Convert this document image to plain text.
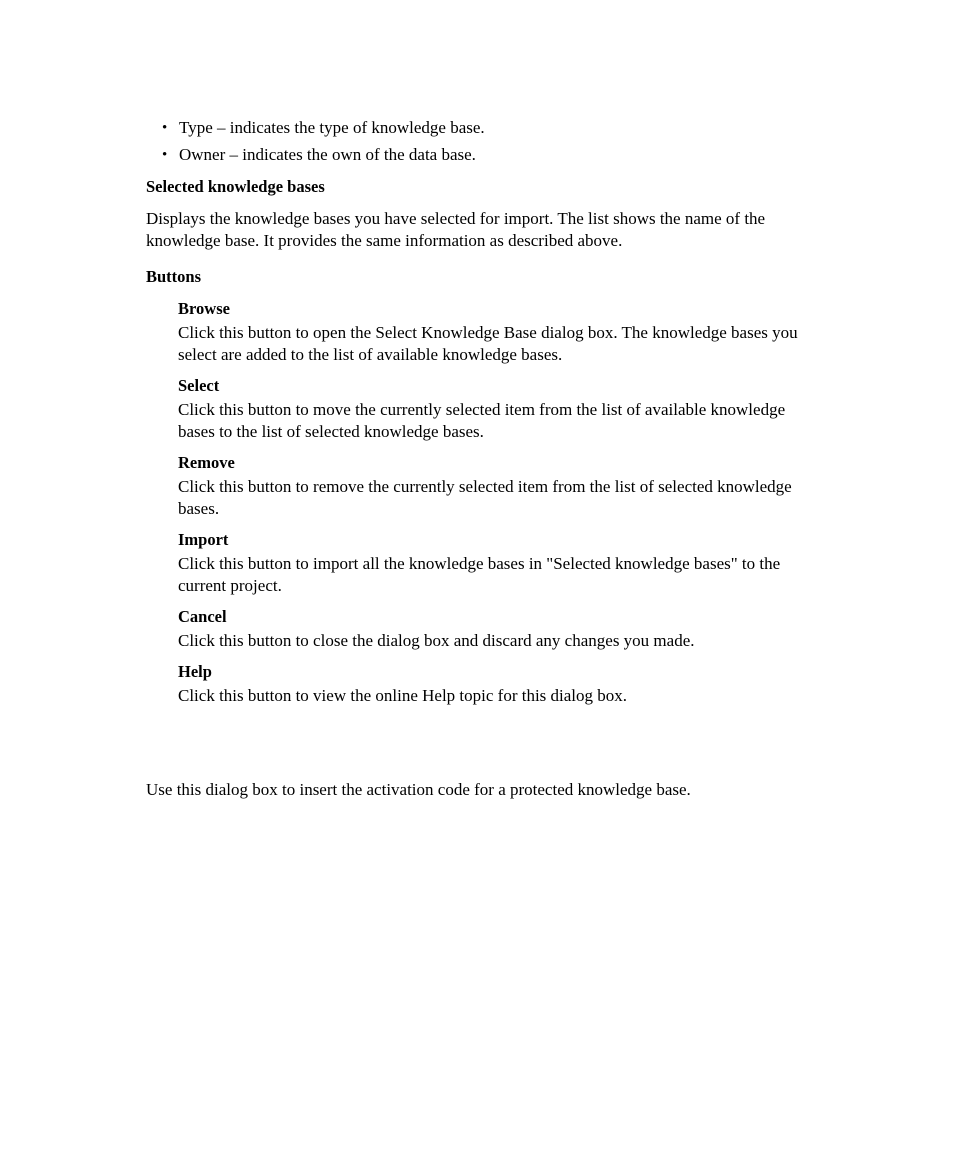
• Type – indicates the type of knowledge base.
• Owner – indicates the own of the data base.
Selected knowledge bases

Displays the knowledge bases you have selected for import. The list shows the name of the knowledge base. It provides the same information as described above.

Buttons
Browse

Click this button to open the Select Knowledge Base dialog box. The knowledge bases you select are added to the list of available knowledge bases.

Select

Click this button to move the currently selected item from the list of available knowledge bases to the list of selected knowledge bases.

Remove

Click this button to remove the currently selected item from the list of selected knowledge bases.

Import

Click this button to import all the knowledge bases in "Selected knowledge bases" to the current project.

Cancel

Click this button to close the dialog box and discard any changes you made.

Help

Click this button to view the online Help topic for this dialog box.

Use this dialog box to insert the activation code for a protected knowledge base.
